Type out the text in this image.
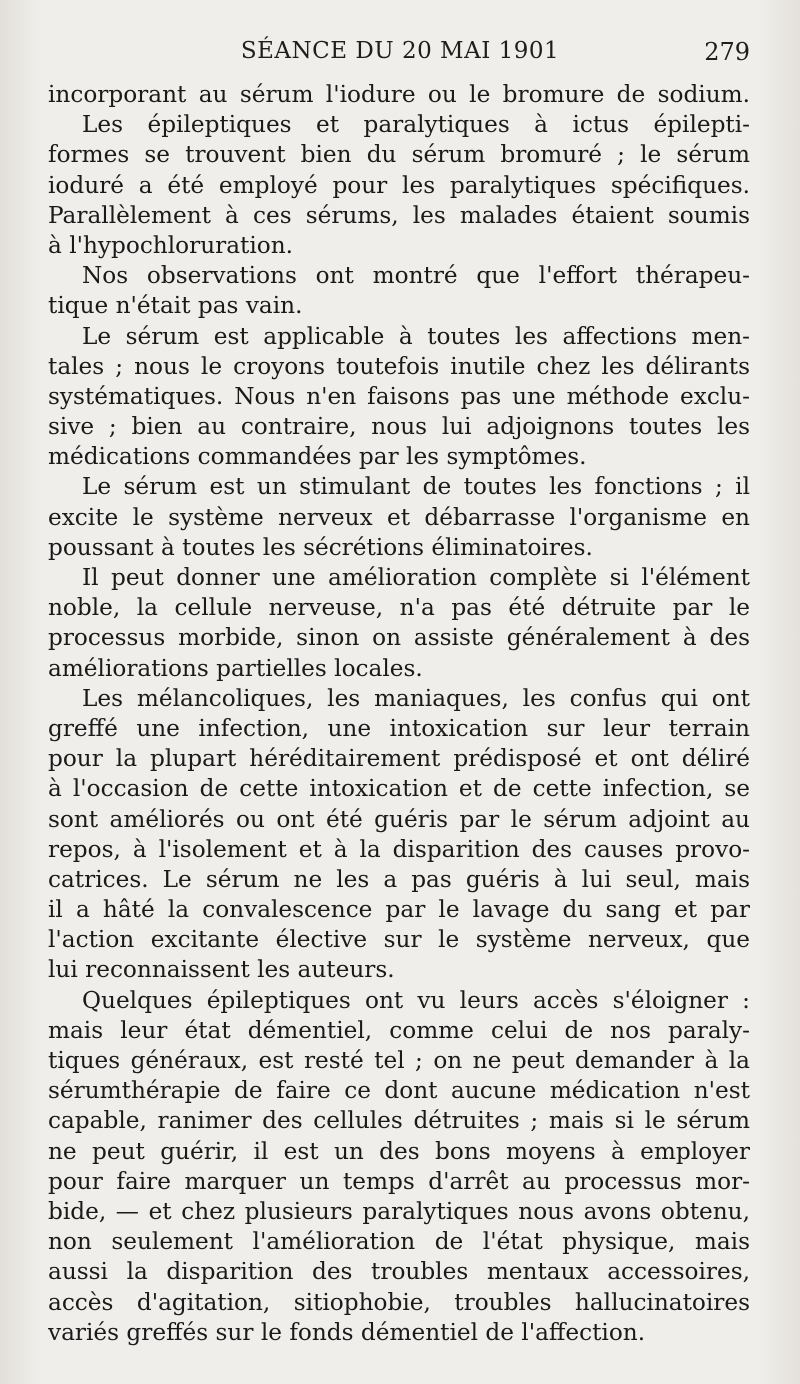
SÉANCE DU 20 MAI 1901	279
incorporant au sérum l'iodure ou le bromure de sodium.
Les épileptiques et paralytiques à ictus épilepti-
formes se trouvent bien du sérum bromuré ; le sérum
ioduré a été employé pour les paralytiques spécifiques.
Parallèlement à ces sérums, les malades étaient soumis
à l'hypochloruration.
Nos observations ont montré que l'effort thérapeu-
tique n'était pas vain.
Le sérum est applicable à toutes les affections men-
tales ; nous le croyons toutefois inutile chez les délirants
systématiques. Nous n'en faisons pas une méthode exclu-
sive ; bien au contraire, nous lui adjoignons toutes les
médications commandées par les symptômes.
Le sérum est un stimulant de toutes les fonctions ; il
excite le système nerveux et débarrasse l'organisme en
poussant à toutes les sécrétions éliminatoires.
Il peut donner une amélioration complète si l'élément
noble, la cellule nerveuse, n'a pas été détruite par le
processus morbide, sinon on assiste généralement à des
améliorations partielles locales.
Les mélancoliques, les maniaques, les confus qui ont
greffé une infection, une intoxication sur leur terrain
pour la plupart héréditairement prédisposé et ont déliré
à l'occasion de cette intoxication et de cette infection, se
sont améliorés ou ont été guéris par le sérum adjoint au
repos, à l'isolement et à la disparition des causes provo-
catrices. Le sérum ne les a pas guéris à lui seul, mais
il a hâté la convalescence par le lavage du sang et par
l'action excitante élective sur le système nerveux, que
lui reconnaissent les auteurs.
Quelques épileptiques ont vu leurs accès s'éloigner :
mais leur état démentiel, comme celui de nos paraly-
tiques généraux, est resté tel ; on ne peut demander à la
sérumthérapie de faire ce dont aucune médication n'est
capable, ranimer des cellules détruites ; mais si le sérum
ne peut guérir, il est un des bons moyens à employer
pour faire marquer un temps d'arrêt au processus mor-
bide, — et chez plusieurs paralytiques nous avons obtenu,
non seulement l'amélioration de l'état physique, mais
aussi la disparition des troubles mentaux accessoires,
accès d'agitation, sitiophobie, troubles hallucinatoires
variés greffés sur le fonds démentiel de l'affection.
